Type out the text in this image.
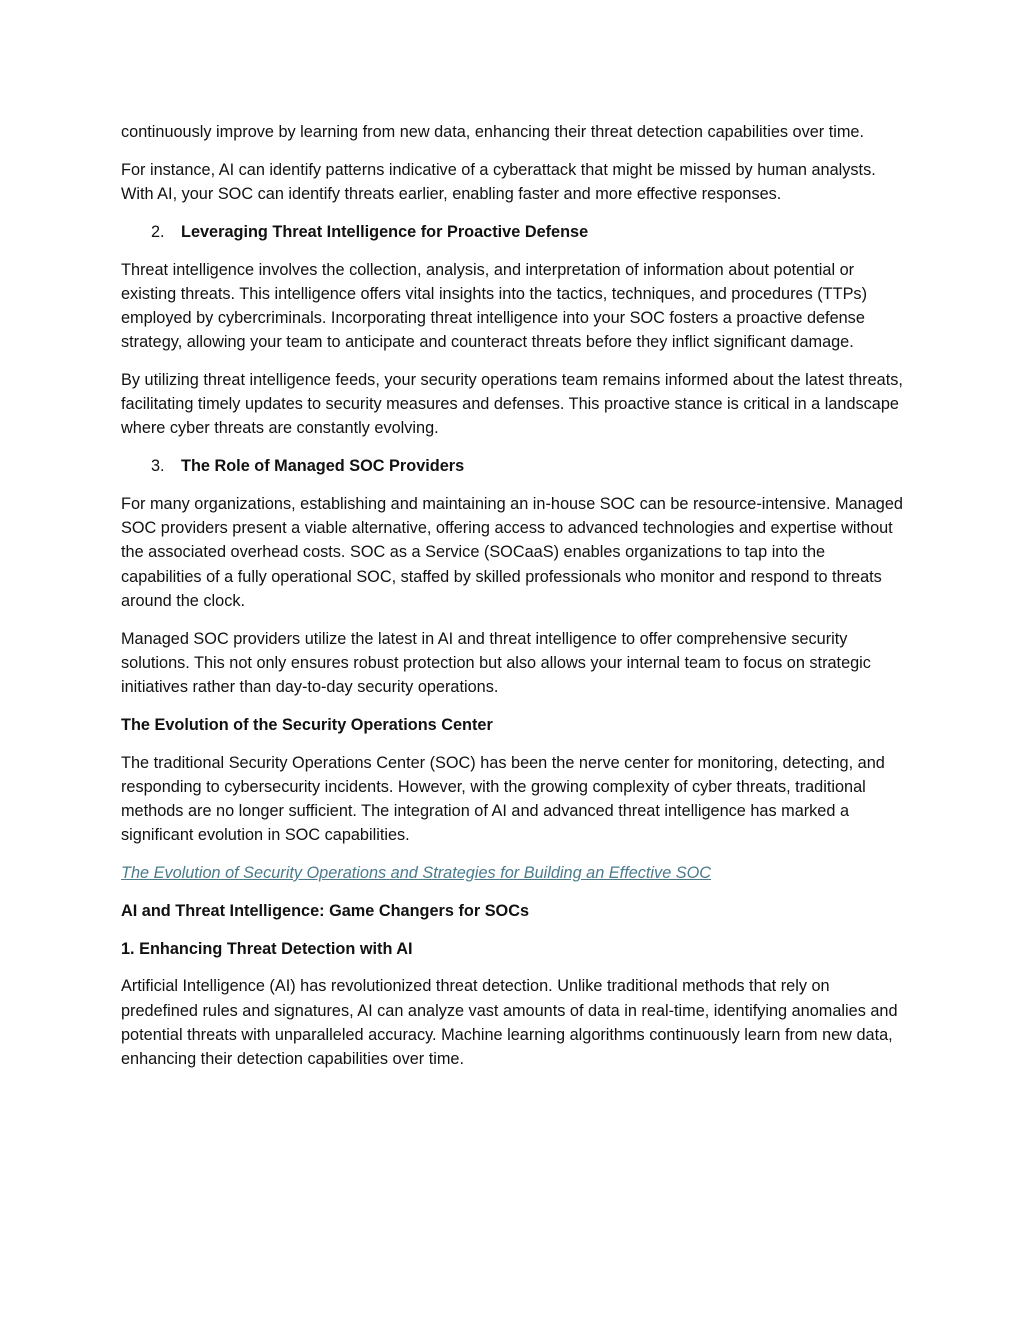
continuously improve by learning from new data, enhancing their threat detection capabilities over time.

For instance, AI can identify patterns indicative of a cyberattack that might be missed by human analysts. With AI, your SOC can identify threats earlier, enabling faster and more effective responses.

2.	Leveraging Threat Intelligence for Proactive Defense

Threat intelligence involves the collection, analysis, and interpretation of information about potential or existing threats. This intelligence offers vital insights into the tactics, techniques, and procedures (TTPs) employed by cybercriminals. Incorporating threat intelligence into your SOC fosters a proactive defense strategy, allowing your team to anticipate and counteract threats before they inflict significant damage.

By utilizing threat intelligence feeds, your security operations team remains informed about the latest threats, facilitating timely updates to security measures and defenses. This proactive stance is critical in a landscape where cyber threats are constantly evolving.

3.	The Role of Managed SOC Providers

For many organizations, establishing and maintaining an in-house SOC can be resource-intensive. Managed SOC providers present a viable alternative, offering access to advanced technologies and expertise without the associated overhead costs. SOC as a Service (SOCaaS) enables organizations to tap into the capabilities of a fully operational SOC, staffed by skilled professionals who monitor and respond to threats around the clock.

Managed SOC providers utilize the latest in AI and threat intelligence to offer comprehensive security solutions. This not only ensures robust protection but also allows your internal team to focus on strategic initiatives rather than day-to-day security operations.

The Evolution of the Security Operations Center

The traditional Security Operations Center (SOC) has been the nerve center for monitoring, detecting, and responding to cybersecurity incidents. However, with the growing complexity of cyber threats, traditional methods are no longer sufficient. The integration of AI and advanced threat intelligence has marked a significant evolution in SOC capabilities.

The Evolution of Security Operations and Strategies for Building an Effective SOC
AI and Threat Intelligence: Game Changers for SOCs
1. Enhancing Threat Detection with AI

Artificial Intelligence (AI) has revolutionized threat detection. Unlike traditional methods that rely on predefined rules and signatures, AI can analyze vast amounts of data in real-time, identifying anomalies and potential threats with unparalleled accuracy. Machine learning algorithms continuously learn from new data, enhancing their detection capabilities over time.
